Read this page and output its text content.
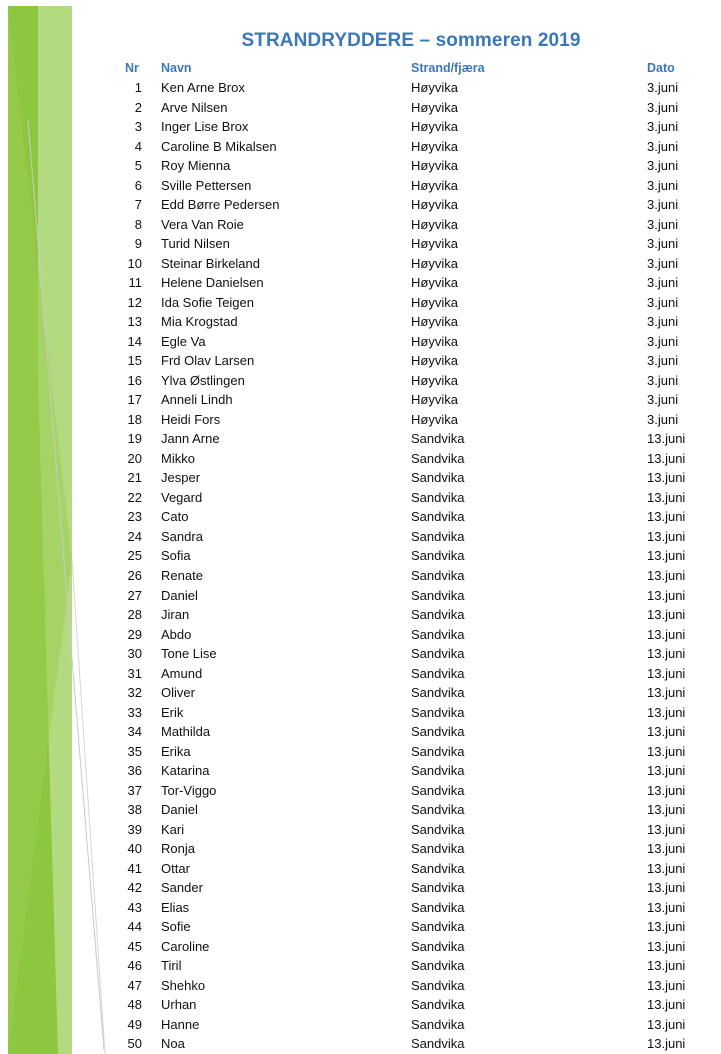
STRANDRYDDERE – sommeren 2019
Nr Navn	Strand/fjæra	Dato
1 Ken Arne Brox	Høyvika	3.juni
2 Arve Nilsen	Høyvika	3.juni
3 Inger Lise Brox	Høyvika	3.juni
4 Caroline B Mikalsen	Høyvika	3.juni
5 Roy Mienna	Høyvika	3.juni
6 Sville Pettersen	Høyvika	3.juni
7 Edd Børre Pedersen	Høyvika	3.juni
8 Vera Van Roie	Høyvika	3.juni
9 Turid Nilsen	Høyvika	3.juni
10 Steinar Birkeland	Høyvika	3.juni
11 Helene Danielsen	Høyvika	3.juni
12 Ida Sofie Teigen	Høyvika	3.juni
13 Mia Krogstad	Høyvika	3.juni
14 Egle Va	Høyvika	3.juni
15 Frd Olav Larsen	Høyvika	3.juni
16 Ylva Østlingen	Høyvika	3.juni
17 Anneli Lindh	Høyvika	3.juni
18 Heidi Fors	Høyvika	3.juni
19 Jann Arne	Sandvika	13.juni
20 Mikko	Sandvika	13.juni
21 Jesper	Sandvika	13.juni
22 Vegard	Sandvika	13.juni
23 Cato	Sandvika	13.juni
24 Sandra	Sandvika	13.juni
25 Sofia	Sandvika	13.juni
26 Renate	Sandvika	13.juni
27 Daniel	Sandvika	13.juni
28 Jiran	Sandvika	13.juni
29 Abdo	Sandvika	13.juni
30 Tone Lise	Sandvika	13.juni
31 Amund	Sandvika	13.juni
32 Oliver	Sandvika	13.juni
33 Erik	Sandvika	13.juni
34 Mathilda	Sandvika	13.juni
35 Erika	Sandvika	13.juni
36 Katarina	Sandvika	13.juni
37 Tor-Viggo	Sandvika	13.juni
38 Daniel	Sandvika	13.juni
39 Kari	Sandvika	13.juni
40 Ronja	Sandvika	13.juni
41 Ottar	Sandvika	13.juni
42 Sander	Sandvika	13.juni
43 Elias	Sandvika	13.juni
44 Sofie	Sandvika	13.juni
45 Caroline	Sandvika	13.juni
46 Tiril	Sandvika	13.juni
47 Shehko	Sandvika	13.juni
48 Urhan	Sandvika	13.juni
49 Hanne	Sandvika	13.juni
50 Noa	Sandvika	13.juni
